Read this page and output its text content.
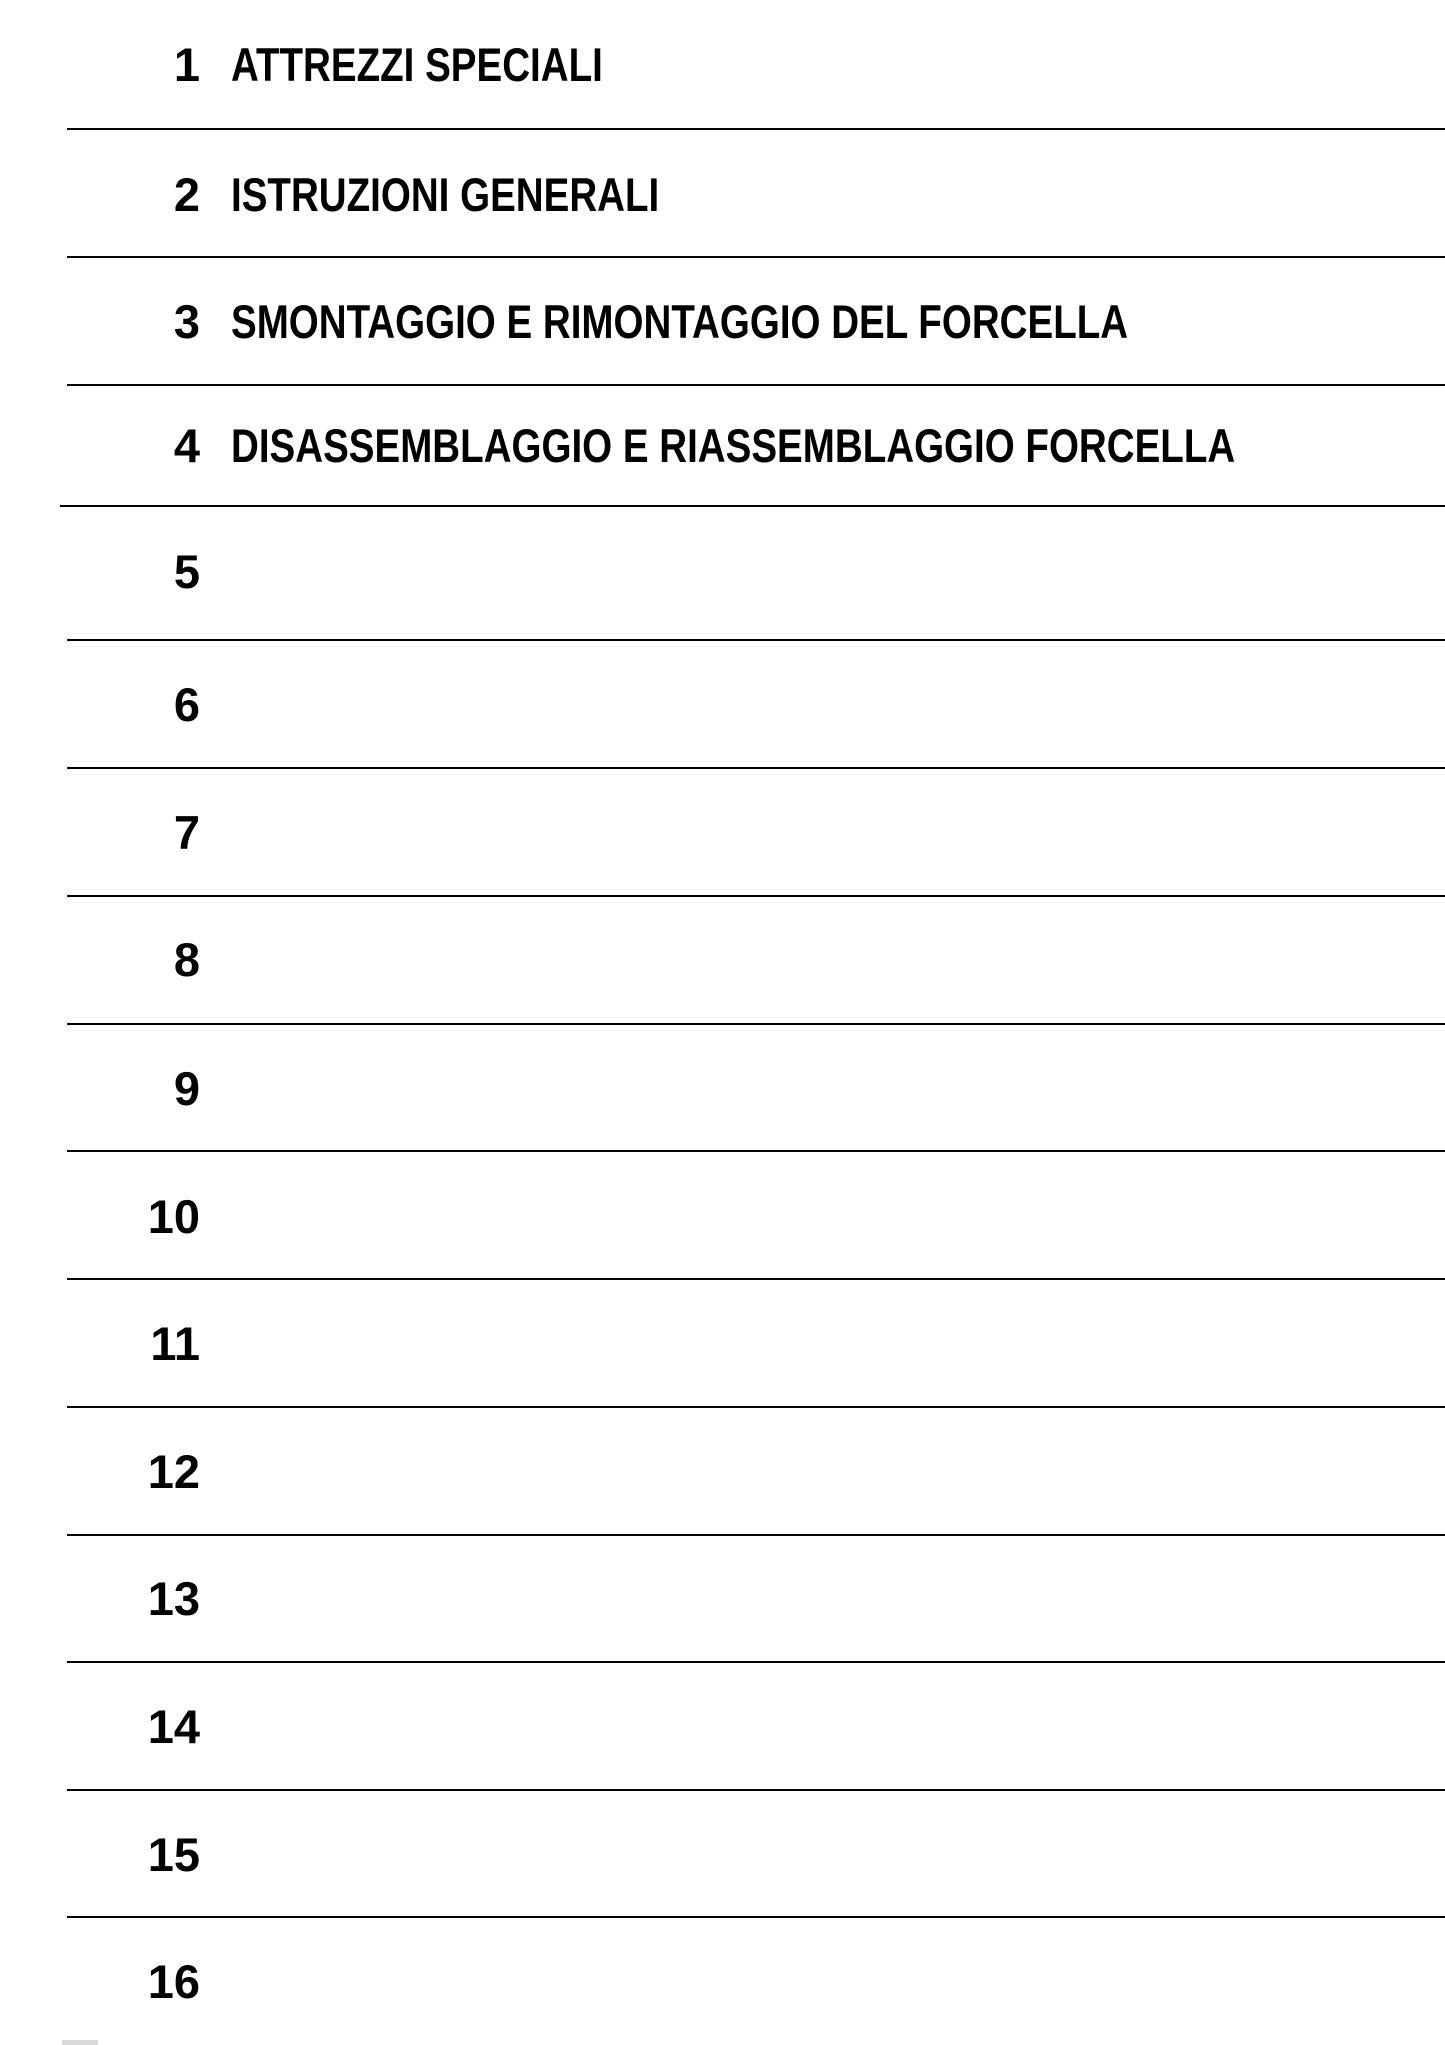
1 ATTREZZI SPECIALI
2 ISTRUZIONI GENERALI
3 SMONTAGGIO E RIMONTAGGIO DEL FORCELLA
4 DISASSEMBLAGGIO E RIASSEMBLAGGIO FORCELLA
5
6
7
8
9
10
11
12
13
14
15
16
